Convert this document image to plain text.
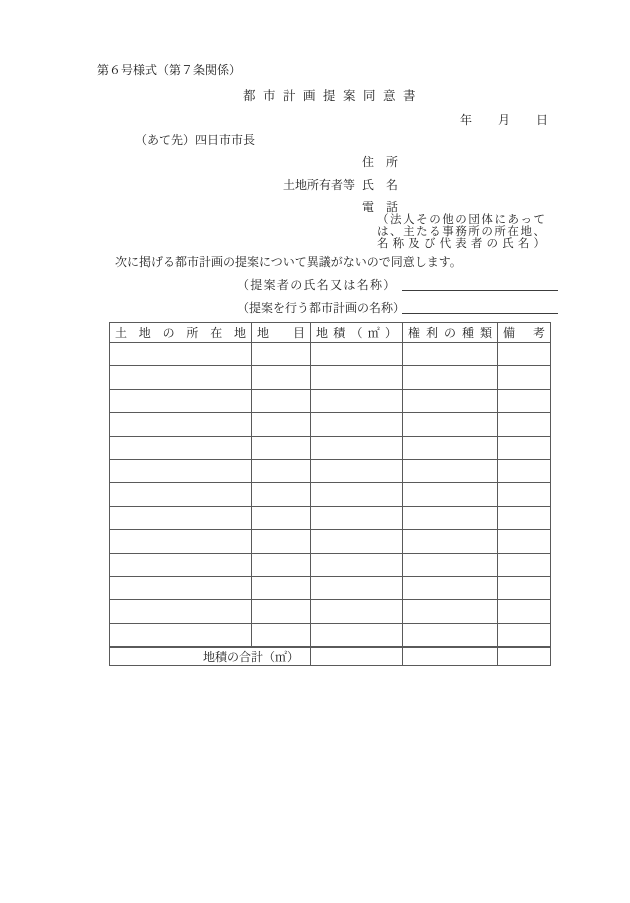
第６号様式（第７条関係）
都市計画提案同意書
年 月 日
（あて先）四日市市長
土地所有者等
住　所
氏　名
電　話
（法人その他の団体にあって
は、主たる事務所の所在地、
名称及び代表者の氏名）
次に掲げる都市計画の提案について異議がないので同意します。
（提案者の氏名又は名称）
（提案を行う都市計画の名称）
土地の所在地	地目	地積（㎡）	権利の種類	備考

地積の合計（㎡）				
